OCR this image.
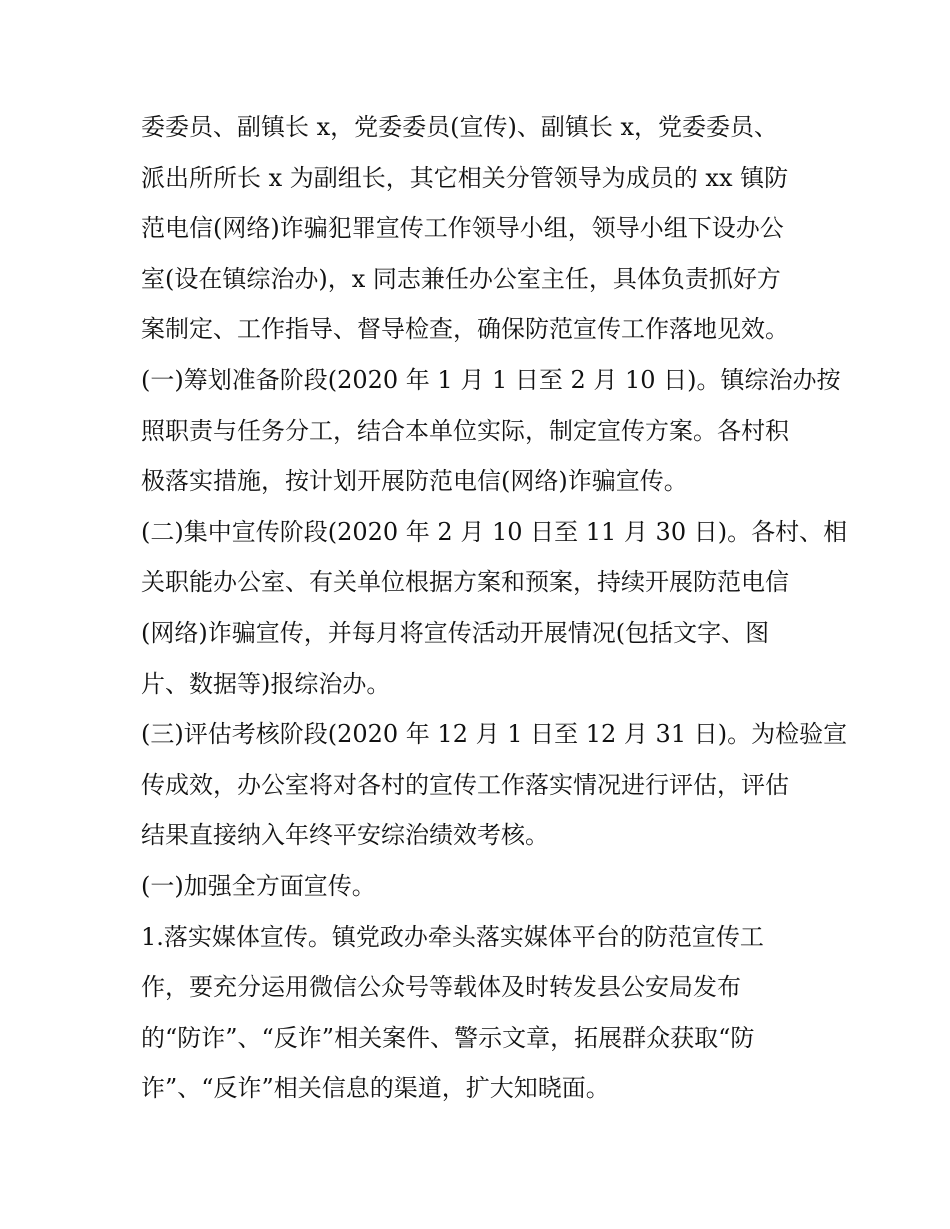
委委员、副镇长 x，党委委员(宣传)、副镇长 x，党委委员、

派出所所长 x 为副组长，其它相关分管领导为成员的 xx 镇防

范电信(网络)诈骗犯罪宣传工作领导小组，领导小组下设办公

室(设在镇综治办)，x 同志兼任办公室主任，具体负责抓好方

案制定、工作指导、督导检查，确保防范宣传工作落地见效。

(一)筹划准备阶段(2020 年 1 月 1 日至 2 月 10 日)。镇综治办按

照职责与任务分工，结合本单位实际，制定宣传方案。各村积

极落实措施，按计划开展防范电信(网络)诈骗宣传。

(二)集中宣传阶段(2020 年 2 月 10 日至 11 月 30 日)。各村、相

关职能办公室、有关单位根据方案和预案，持续开展防范电信

(网络)诈骗宣传，并每月将宣传活动开展情况(包括文字、图

片、数据等)报综治办。

(三)评估考核阶段(2020 年 12 月 1 日至 12 月 31 日)。为检验宣

传成效，办公室将对各村的宣传工作落实情况进行评估，评估

结果直接纳入年终平安综治绩效考核。

(一)加强全方面宣传。

1.落实媒体宣传。镇党政办牵头落实媒体平台的防范宣传工

作，要充分运用微信公众号等载体及时转发县公安局发布

的“防诈”、“反诈”相关案件、警示文章，拓展群众获取“防

诈”、“反诈”相关信息的渠道，扩大知晓面。
